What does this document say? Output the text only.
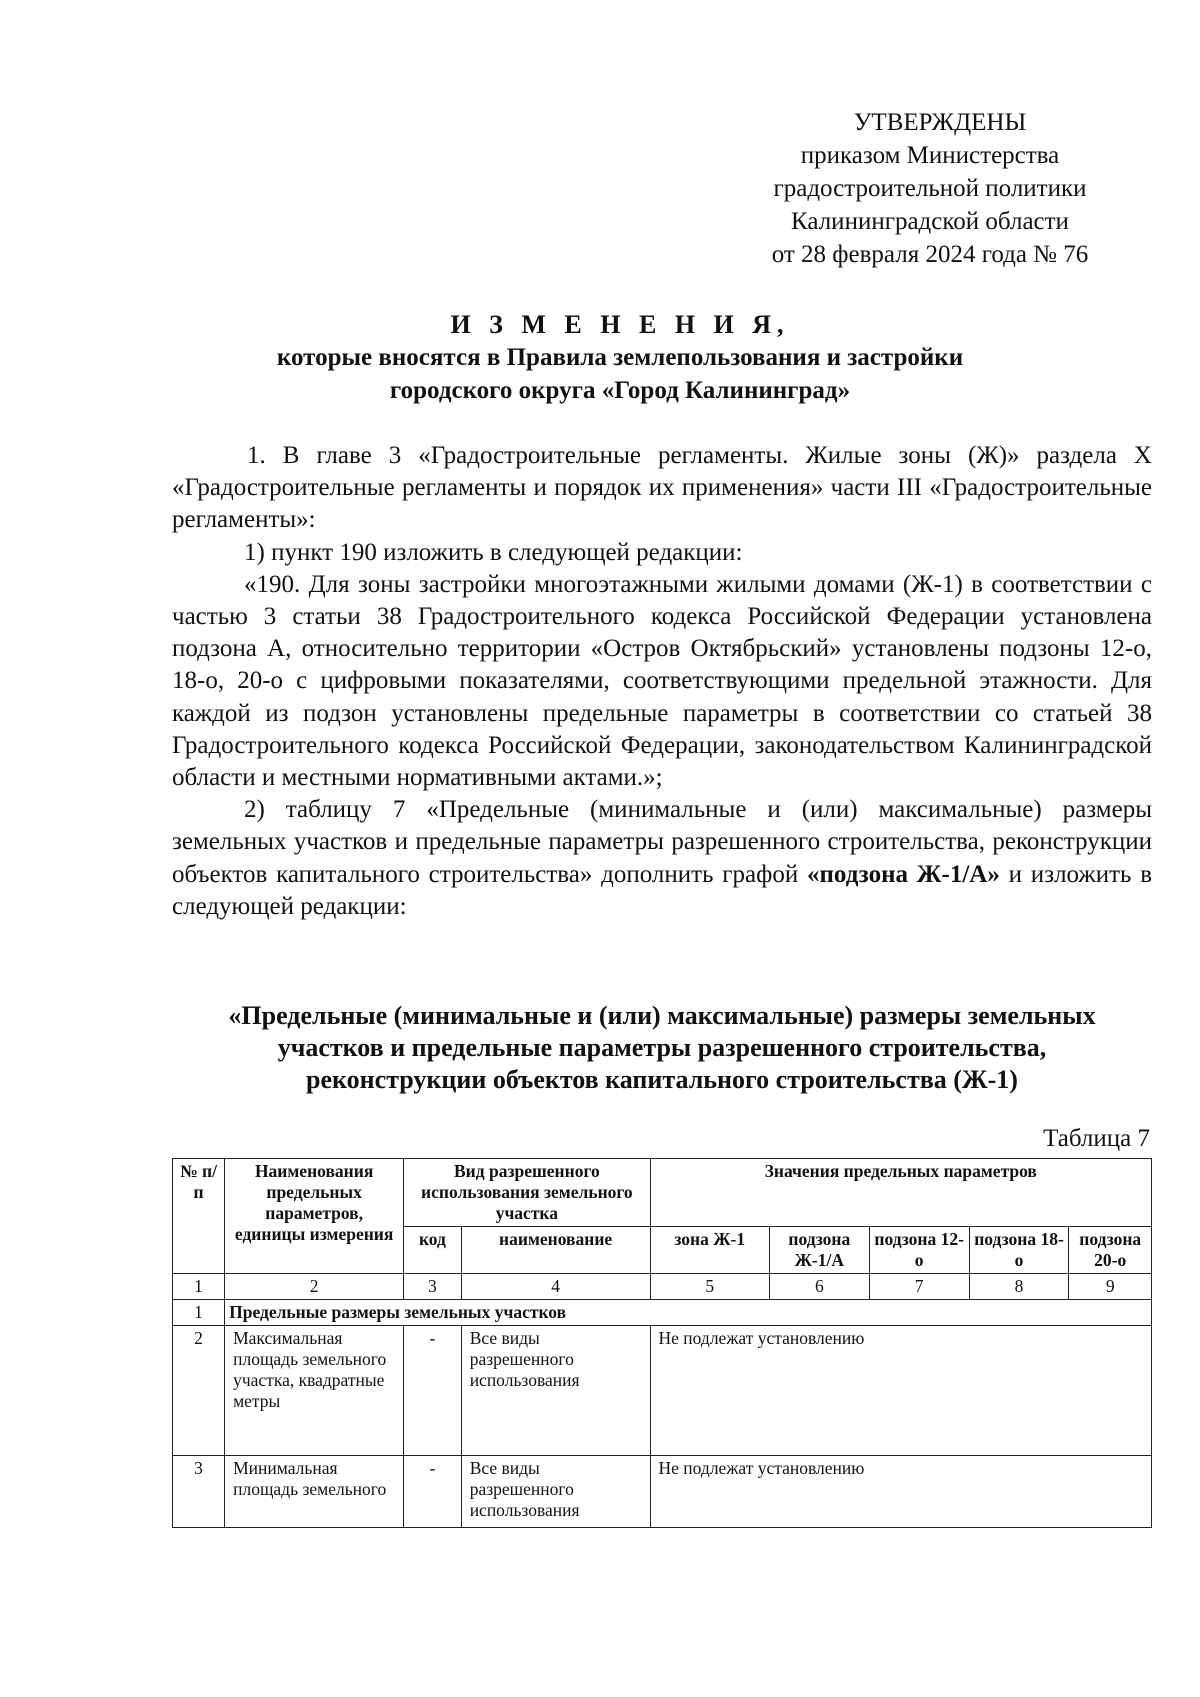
УТВЕРЖДЕНЫ
приказом Министерства
градостроительной политики
Калининградской области
от 28 февраля 2024 года № 76
И З М Е Н Е Н И Я,
которые вносятся в Правила землепользования и застройки
городского округа «Город Калининград»

1. В главе 3 «Градостроительные регламенты. Жилые зоны (Ж)» раздела X «Градостроительные регламенты и порядок их применения» части III «Градостроительные регламенты»:

1) пункт 190 изложить в следующей редакции:

«190. Для зоны застройки многоэтажными жилыми домами (Ж-1) в соответствии с частью 3 статьи 38 Градостроительного кодекса Российской Федерации установлена подзона А, относительно территории «Остров Октябрьский» установлены подзоны 12-о, 18-о, 20-о с цифровыми показателями, соответствующими предельной этажности. Для каждой из подзон установлены предельные параметры в соответствии со статьей 38 Градостроительного кодекса Российской Федерации, законодательством Калининградской области и местными нормативными актами.»;

2) таблицу 7 «Предельные (минимальные и (или) максимальные) размеры земельных участков и предельные параметры разрешенного строительства, реконструкции объектов капитального строительства» дополнить графой «подзона Ж-1/А» и изложить в следующей редакции:

«Предельные (минимальные и (или) максимальные) размеры земельных
участков и предельные параметры разрешенного строительства,
реконструкции объектов капитального строительства (Ж-1)
Таблица 7
№ п/п	Наименования предельных параметров, единицы измерения	Вид разрешенного использования земельного участка		Значения предельных параметров				
		код	наименование	зона Ж-1	подзона Ж-1/А	подзона 12-о	подзона 18-о	подзона 20-о
1	2	3	4	5	6	7	8	9
1	Предельные размеры земельных участков							
2	Максимальная площадь земельного участка, квадратные метры	-	Все виды разрешенного использования	Не подлежат установлению				
3	Минимальная площадь земельного	-	Все виды разрешенного использования	Не подлежат установлению				
